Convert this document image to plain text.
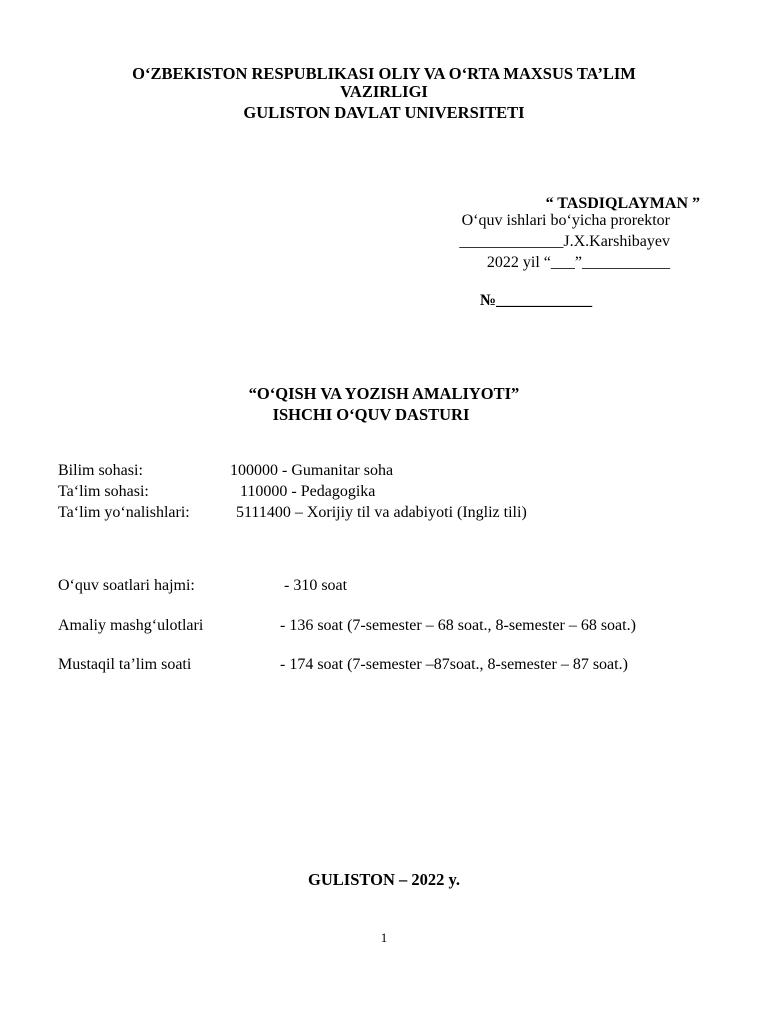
O‘ZBEKISTON RESPUBLIKASI OLIY VA O‘RTA MAXSUS TA’LIM
VAZIRLIGI
GULISTON DAVLAT UNIVERSITETI
“ TASDIQLAYMAN ”
O‘quv ishlari bo‘yicha prorektor
_____________J.X.Karshibayev
2022 yil “___”___________
№____________
“O‘QISH VA YOZISH AMALIYOTI”
ISHCHI O‘QUV DASTURI
Bilim sohasi:	100000 - Gumanitar soha
Ta‘lim sohasi:	110000 - Pedagogika
Ta‘lim yo‘nalishlari:	5111400 – Xorijiy til va adabiyoti (Ingliz tili)
O‘quv soatlari hajmi:	- 310 soat
Amaliy mashg‘ulotlari	- 136 soat (7-semester – 68 soat., 8-semester – 68 soat.)
Mustaqil ta’lim soati	- 174 soat (7-semester –87soat., 8-semester – 87 soat.)
GULISTON – 2022 y.
1
